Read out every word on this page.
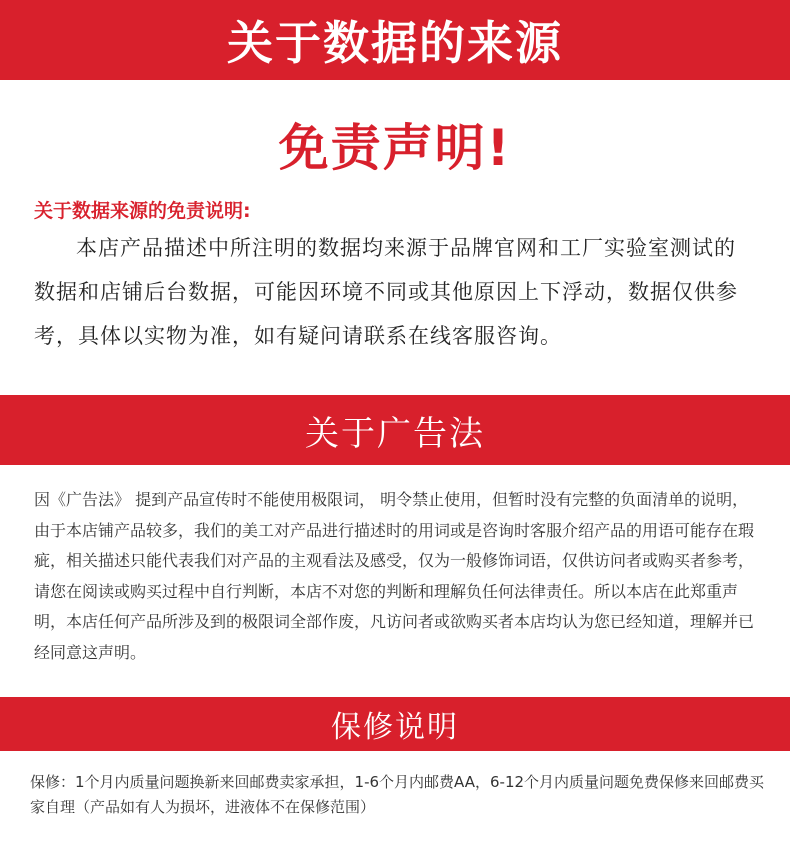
关于数据的来源
免责声明!
关于数据来源的免责说明:

本店产品描述中所注明的数据均来源于品牌官网和工厂实验室测试的数据和店铺后台数据，可能因环境不同或其他原因上下浮动，数据仅供参考，具体以实物为准，如有疑问请联系在线客服咨询。

关于广告法

因《广告法》 提到产品宣传时不能使用极限词， 明令禁止使用，但暂时没有完整的负面清单的说明，由于本店铺产品较多，我们的美工对产品进行描述时的用词或是咨询时客服介绍产品的用语可能存在瑕疵，相关描述只能代表我们对产品的主观看法及感受，仅为一般修饰词语，仅供访问者或购买者参考，请您在阅读或购买过程中自行判断，本店不对您的判断和理解负任何法律责任。所以本店在此郑重声明，本店任何产品所涉及到的极限词全部作废，凡访问者或欲购买者本店均认为您已经知道，理解并已经同意这声明。

保修说明

保修：1个月内质量问题换新来回邮费卖家承担，1-6个月内邮费AA，6-12个月内质量问题免费保修来回邮费买家自理（产品如有人为损坏，进液体不在保修范围）
